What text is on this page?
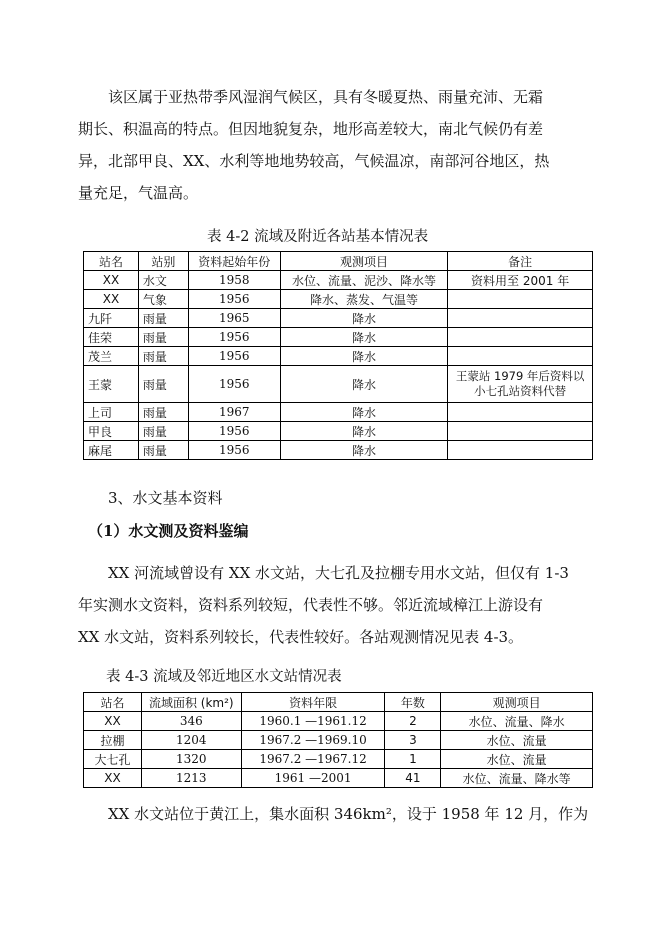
该区属于亚热带季风湿润气候区，具有冬暖夏热、雨量充沛、无霜
期长、积温高的特点。但因地貌复杂，地形高差较大，南北气候仍有差
异，北部甲良、XX、水利等地地势较高，气候温凉，南部河谷地区，热
量充足，气温高。

表 4-2 流域及附近各站基本情况表

站名	站别	资料起始年份	观测项目	备注
XX	水文	1958	水位、流量、泥沙、降水等	资料用至 2001 年
XX	气象	1956	降水、蒸发、气温等	
九阡	雨量	1965	降水	
佳荣	雨量	1956	降水	
茂兰	雨量	1956	降水	
王蒙	雨量	1956	降水	王蒙站 1979 年后资料以小七孔站资料代替
上司	雨量	1967	降水	
甲良	雨量	1956	降水	
麻尾	雨量	1956	降水	

3、水文基本资料

（1）水文测及资料鉴编

XX 河流域曾设有 XX 水文站，大七孔及拉棚专用水文站，但仅有 1-3
年实测水文资料，资料系列较短，代表性不够。邻近流域樟江上游设有
XX 水文站，资料系列较长，代表性较好。各站观测情况见表 4-3。

表 4-3 流域及邻近地区水文站情况表

站名	流域面积 (km²)	资料年限	年数	观测项目
XX	346	1960.1 —1961.12	2	水位、流量、降水
拉棚	1204	1967.2 —1969.10	3	水位、流量
大七孔	1320	1967.2 —1967.12	1	水位、流量
XX	1213	1961 —2001	41	水位、流量、降水等
XX 水文站位于黄江上，集水面积 346km²，设于 1958 年 12 月，作为
